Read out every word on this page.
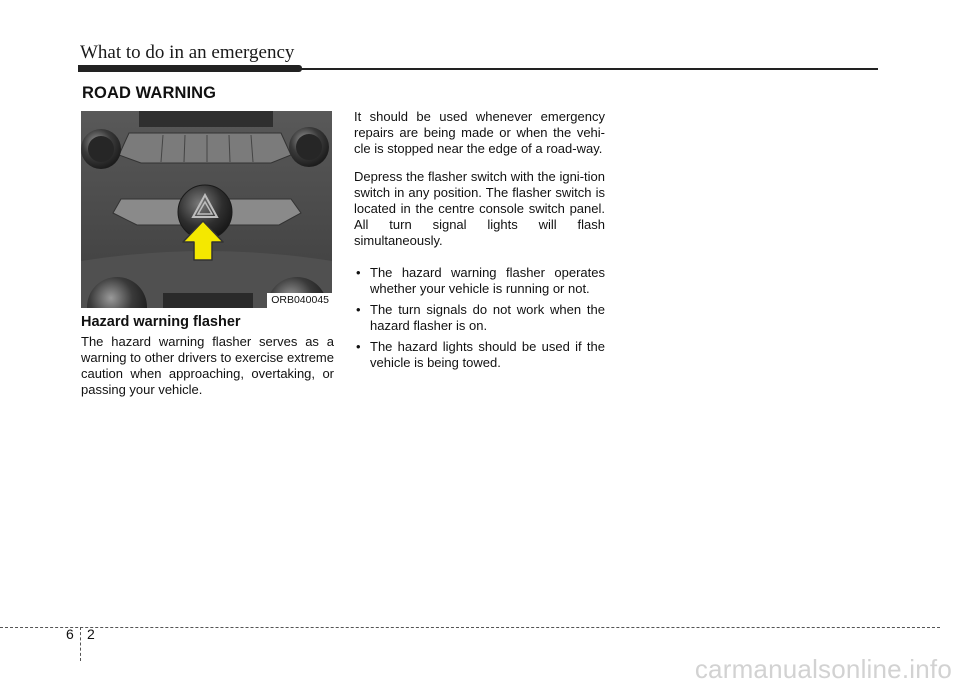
What to do in an emergency
ROAD WARNING
ORB040045
Hazard warning flasher

The hazard warning flasher serves as a warning to other drivers to exercise extreme caution when approaching, overtaking, or passing your vehicle.

It should be used whenever emergency repairs are being made or when the vehi-cle is stopped near the edge of a road-way.

Depress the flasher switch with the igni-tion switch in any position. The flasher switch is located in the centre console switch panel. All turn signal lights will flash simultaneously.

• The hazard warning flasher operates whether your vehicle is running or not.
• The turn signals do not work when the hazard flasher is on.
• The hazard lights should be used if the vehicle is being towed.
6 2
carmanualsonline.info
